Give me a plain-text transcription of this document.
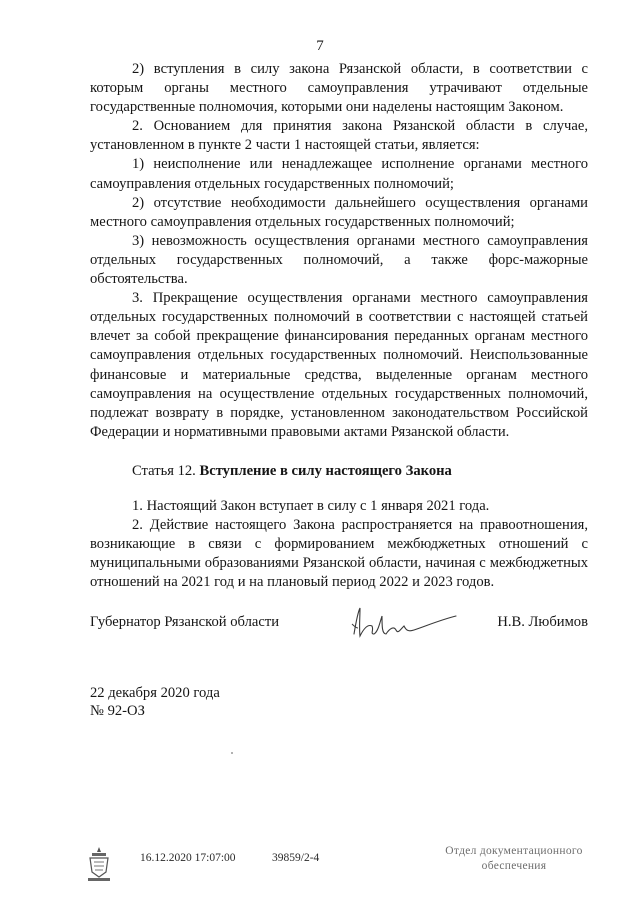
7

2) вступления в силу закона Рязанской области, в соответствии с которым органы местного самоуправления утрачивают отдельные государственные полномочия, которыми они наделены настоящим Законом.

2. Основанием для принятия закона Рязанской области в случае, установленном в пункте 2 части 1 настоящей статьи, является:

1) неисполнение или ненадлежащее исполнение органами местного самоуправления отдельных государственных полномочий;

2) отсутствие необходимости дальнейшего осуществления органами местного самоуправления отдельных государственных полномочий;

3) невозможность осуществления органами местного самоуправления отдельных государственных полномочий, а также форс-мажорные обстоятельства.

3. Прекращение осуществления органами местного самоуправления отдельных государственных полномочий в соответствии с настоящей статьей влечет за собой прекращение финансирования переданных органам местного самоуправления отдельных государственных полномочий. Неиспользованные финансовые и материальные средства, выделенные органам местного самоуправления на осуществление отдельных государственных полномочий, подлежат возврату в порядке, установленном законодательством Российской Федерации и нормативными правовыми актами Рязанской области.

Статья 12. Вступление в силу настоящего Закона

1. Настоящий Закон вступает в силу с 1 января 2021 года.

2. Действие настоящего Закона распространяется на правоотношения, возникающие в связи с формированием межбюджетных отношений с муниципальными образованиями Рязанской области, начиная с межбюджетных отношений на 2021 год и на плановый период 2022 и 2023 годов.

Губернатор Рязанской области	Н.В. Любимов
22 декабря 2020 года
№ 92-ОЗ
16.12.2020 17:07:00	39859/2-4
Отдел документационного
обеспечения
